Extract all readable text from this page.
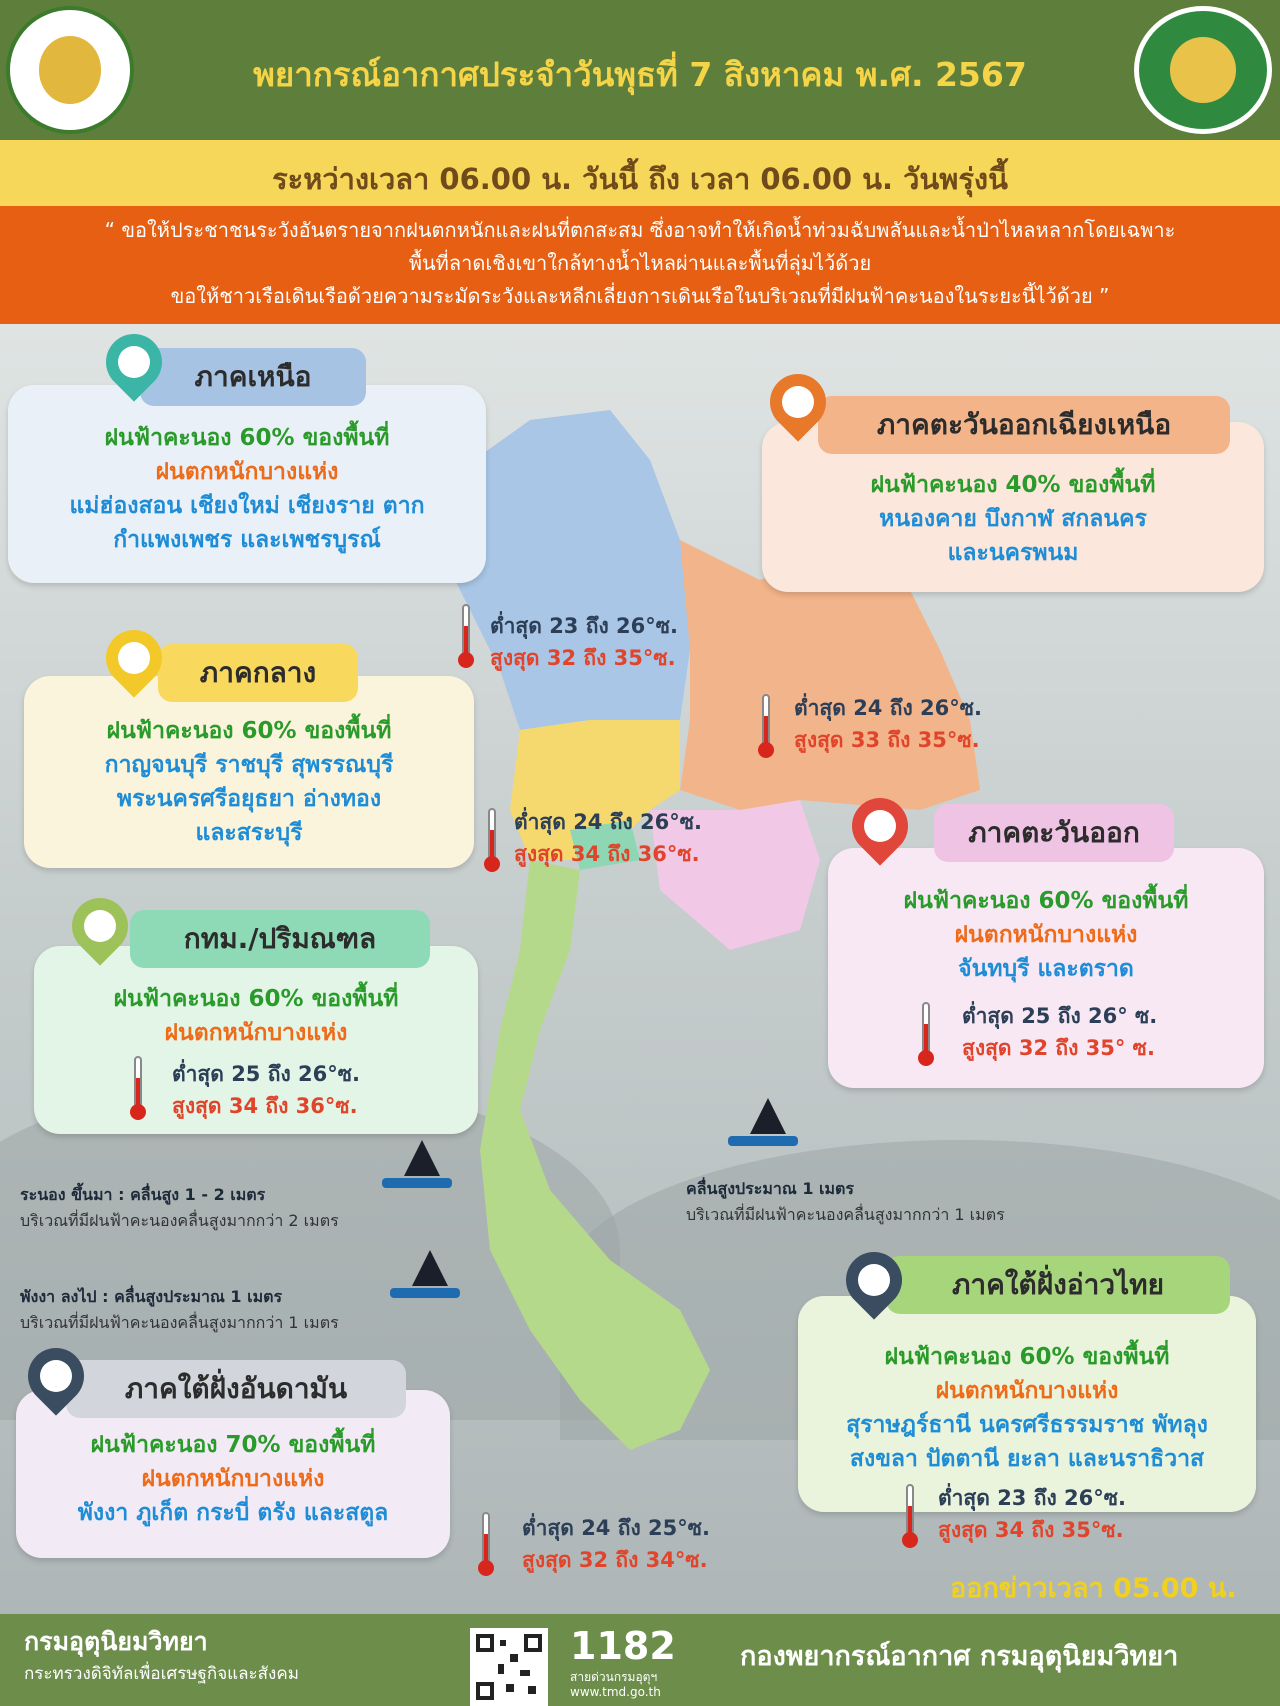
พยากรณ์อากาศประจำวันพุธที่ 7 สิงหาคม พ.ศ. 2567
ระหว่างเวลา 06.00 น. วันนี้ ถึง เวลา 06.00 น. วันพรุ่งนี้
“ ขอให้ประชาชนระวังอันตรายจากฝนตกหนักและฝนที่ตกสะสม ซึ่งอาจทำให้เกิดน้ำท่วมฉับพลันและน้ำป่าไหลหลากโดยเฉพาะ
พื้นที่ลาดเชิงเขาใกล้ทางน้ำไหลผ่านและพื้นที่ลุ่มไว้ด้วย
ขอให้ชาวเรือเดินเรือด้วยความระมัดระวังและหลีกเลี่ยงการเดินเรือในบริเวณที่มีฝนฟ้าคะนองในระยะนี้ไว้ด้วย ”
ฝนฟ้าคะนอง 60% ของพื้นที่
ฝนตกหนักบางแห่ง
แม่ฮ่องสอน เชียงใหม่ เชียงราย ตาก
กำแพงเพชร และเพชรบูรณ์
ภาคเหนือ
ต่ำสุด 23 ถึง 26°ซ.
สูงสุด 32 ถึง 35°ซ.
ฝนฟ้าคะนอง 40% ของพื้นที่
หนองคาย บึงกาฬ สกลนคร
และนครพนม
ภาคตะวันออกเฉียงเหนือ
ต่ำสุด 24 ถึง 26°ซ.
สูงสุด 33 ถึง 35°ซ.
ฝนฟ้าคะนอง 60% ของพื้นที่
กาญจนบุรี ราชบุรี สุพรรณบุรี
พระนครศรีอยุธยา อ่างทอง
และสระบุรี
ภาคกลาง
ต่ำสุด 24 ถึง 26°ซ.
สูงสุด 34 ถึง 36°ซ.
ฝนฟ้าคะนอง 60% ของพื้นที่
ฝนตกหนักบางแห่ง
จันทบุรี และตราด
ภาคตะวันออก
ต่ำสุด 25 ถึง 26° ซ.
สูงสุด 32 ถึง 35° ซ.
ฝนฟ้าคะนอง 60% ของพื้นที่
ฝนตกหนักบางแห่ง
กทม./ปริมณฑล
ต่ำสุด 25 ถึง 26°ซ.
สูงสุด 34 ถึง 36°ซ.
ระนอง ขึ้นมา : คลื่นสูง 1 - 2 เมตร
บริเวณที่มีฝนฟ้าคะนองคลื่นสูงมากกว่า 2 เมตร
พังงา ลงไป : คลื่นสูงประมาณ 1 เมตร
บริเวณที่มีฝนฟ้าคะนองคลื่นสูงมากกว่า 1 เมตร
คลื่นสูงประมาณ 1 เมตร
บริเวณที่มีฝนฟ้าคะนองคลื่นสูงมากกว่า 1 เมตร
ฝนฟ้าคะนอง 60% ของพื้นที่
ฝนตกหนักบางแห่ง
สุราษฎร์ธานี นครศรีธรรมราช พัทลุง
สงขลา ปัตตานี ยะลา และนราธิวาส
ภาคใต้ฝั่งอ่าวไทย
ต่ำสุด 23 ถึง 26°ซ.
สูงสุด 34 ถึง 35°ซ.
ฝนฟ้าคะนอง 70% ของพื้นที่
ฝนตกหนักบางแห่ง
พังงา ภูเก็ต กระบี่ ตรัง และสตูล
ภาคใต้ฝั่งอันดามัน
ต่ำสุด 24 ถึง 25°ซ.
สูงสุด 32 ถึง 34°ซ.
ออกข่าวเวลา 05.00 น.
กรมอุตุนิยมวิทยา
กระทรวงดิจิทัลเพื่อเศรษฐกิจและสังคม
1182
สายด่วนกรมอุตุฯ
www.tmd.go.th
กองพยากรณ์อากาศ กรมอุตุนิยมวิทยา
